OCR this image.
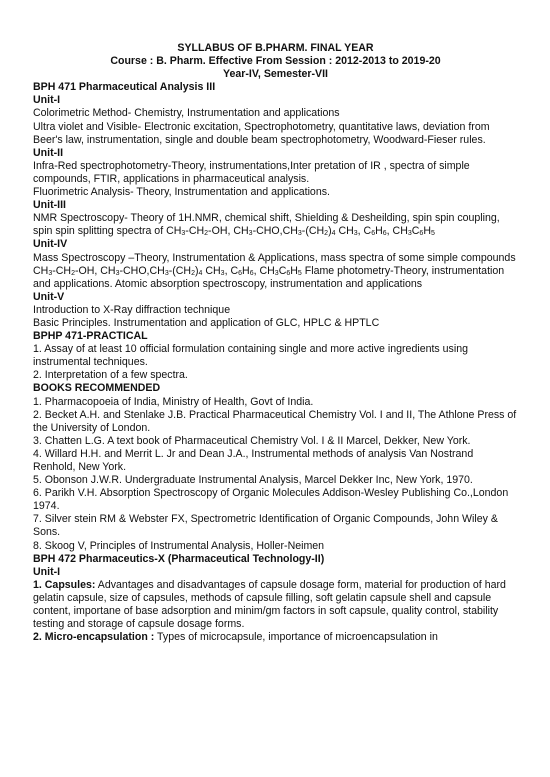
SYLLABUS OF B.PHARM. FINAL YEAR

Course : B. Pharm. Effective From Session : 2012-2013 to 2019-20

Year-IV, Semester-VII

BPH 471 Pharmaceutical Analysis III

Unit-I

Colorimetric Method- Chemistry, Instrumentation and applications

Ultra violet and Visible- Electronic excitation, Spectrophotometry, quantitative laws, deviation from Beer's law, instrumentation, single and double beam spectrophotometry, Woodward-Fieser rules.

Unit-II

Infra-Red spectrophotometry-Theory, instrumentations,Inter pretation of IR , spectra of simple compounds, FTIR, applications in pharmaceutical analysis.

Fluorimetric Analysis- Theory, Instrumentation and applications.

Unit-III

NMR Spectroscopy- Theory of 1H.NMR, chemical shift, Shielding & Desheilding, spin spin coupling, spin spin splitting spectra of $CH_3-CH_2-OH$, $CH_3-CHO,CH_3-(CH_2)_4$ $CH_3$, $C_6H_6$, $CH_3C_6H_5$

Unit-IV

Mass Spectroscopy –Theory, Instrumentation & Applications, mass spectra of some simple compounds $CH_3-CH_2-OH$, $CH_3-CHO,CH_3-(CH_2)_4$ $CH_3$, $C_6H_6$, $CH_3C_6H_5$ Flame photometry-Theory, instrumentation and applications. Atomic absorption spectroscopy, instrumentation and applications

Unit-V

Introduction to X-Ray diffraction technique

Basic Principles. Instrumentation and application of GLC, HPLC & HPTLC

BPHP 471-PRACTICAL

1. Assay of at least 10 official formulation containing single and more active ingredients using instrumental techniques.

2. Interpretation of a few spectra.

BOOKS RECOMMENDED

1. Pharmacopoeia of India, Ministry of Health, Govt of India.

2. Becket A.H. and Stenlake J.B. Practical Pharmaceutical Chemistry Vol. I and II, The Athlone Press of the University of London.

3. Chatten L.G. A text book of Pharmaceutical Chemistry Vol. I & II Marcel, Dekker, New York.

4. Willard H.H. and Merrit L. Jr and Dean J.A., Instrumental methods of analysis Van Nostrand Renhold, New York.

5. Obonson J.W.R. Undergraduate Instrumental Analysis, Marcel Dekker Inc, New York, 1970.

6. Parikh V.H. Absorption Spectroscopy of Organic Molecules Addison-Wesley Publishing Co.,London 1974.

7. Silver stein RM & Webster FX, Spectrometric Identification of Organic Compounds, John Wiley & Sons.

8. Skoog V, Principles of Instrumental Analysis, Holler-Neimen

BPH 472 Pharmaceutics-X (Pharmaceutical Technology-II)

Unit-I

1. Capsules: Advantages and disadvantages of capsule dosage form, material for production of hard gelatin capsule, size of capsules, methods of capsule filling, soft gelatin capsule shell and capsule content, importane of base adsorption and minim/gm factors in soft capsule, quality control, stability testing and storage of capsule dosage forms.

2. Micro-encapsulation : Types of microcapsule, importance of microencapsulation in
